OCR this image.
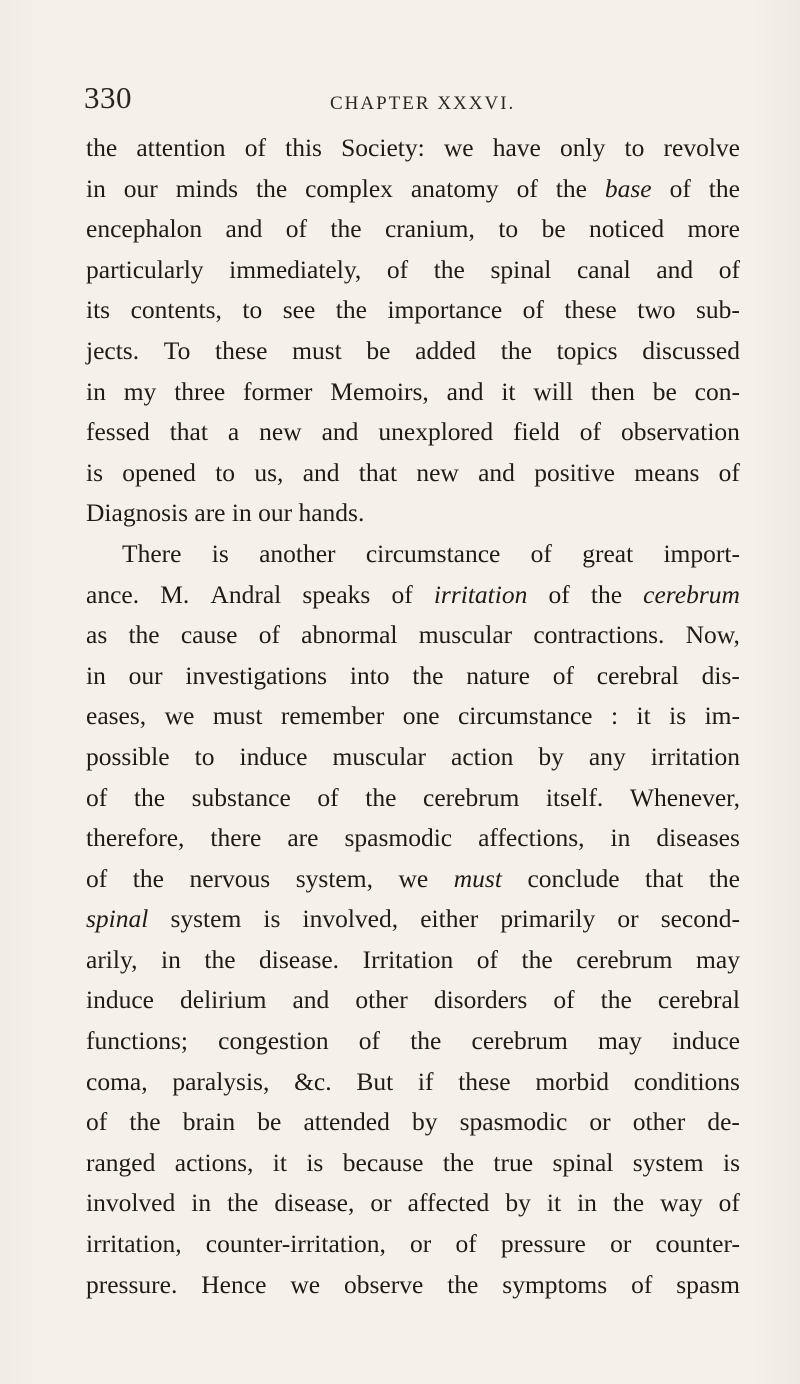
330	CHAPTER XXXVI.
the attention of this Society: we have only to revolve
in our minds the complex anatomy of the base of the
encephalon and of the cranium, to be noticed more
particularly immediately, of the spinal canal and of
its contents, to see the importance of these two sub-
jects. To these must be added the topics discussed
in my three former Memoirs, and it will then be con-
fessed that a new and unexplored field of observation
is opened to us, and that new and positive means of
Diagnosis are in our hands.
There is another circumstance of great import-
ance. M. Andral speaks of irritation of the cerebrum
as the cause of abnormal muscular contractions. Now,
in our investigations into the nature of cerebral dis-
eases, we must remember one circumstance : it is im-
possible to induce muscular action by any irritation
of the substance of the cerebrum itself. Whenever,
therefore, there are spasmodic affections, in diseases
of the nervous system, we must conclude that the
spinal system is involved, either primarily or second-
arily, in the disease. Irritation of the cerebrum may
induce delirium and other disorders of the cerebral
functions; congestion of the cerebrum may induce
coma, paralysis, &c. But if these morbid conditions
of the brain be attended by spasmodic or other de-
ranged actions, it is because the true spinal system is
involved in the disease, or affected by it in the way of
irritation, counter-irritation, or of pressure or counter-
pressure. Hence we observe the symptoms of spasm
